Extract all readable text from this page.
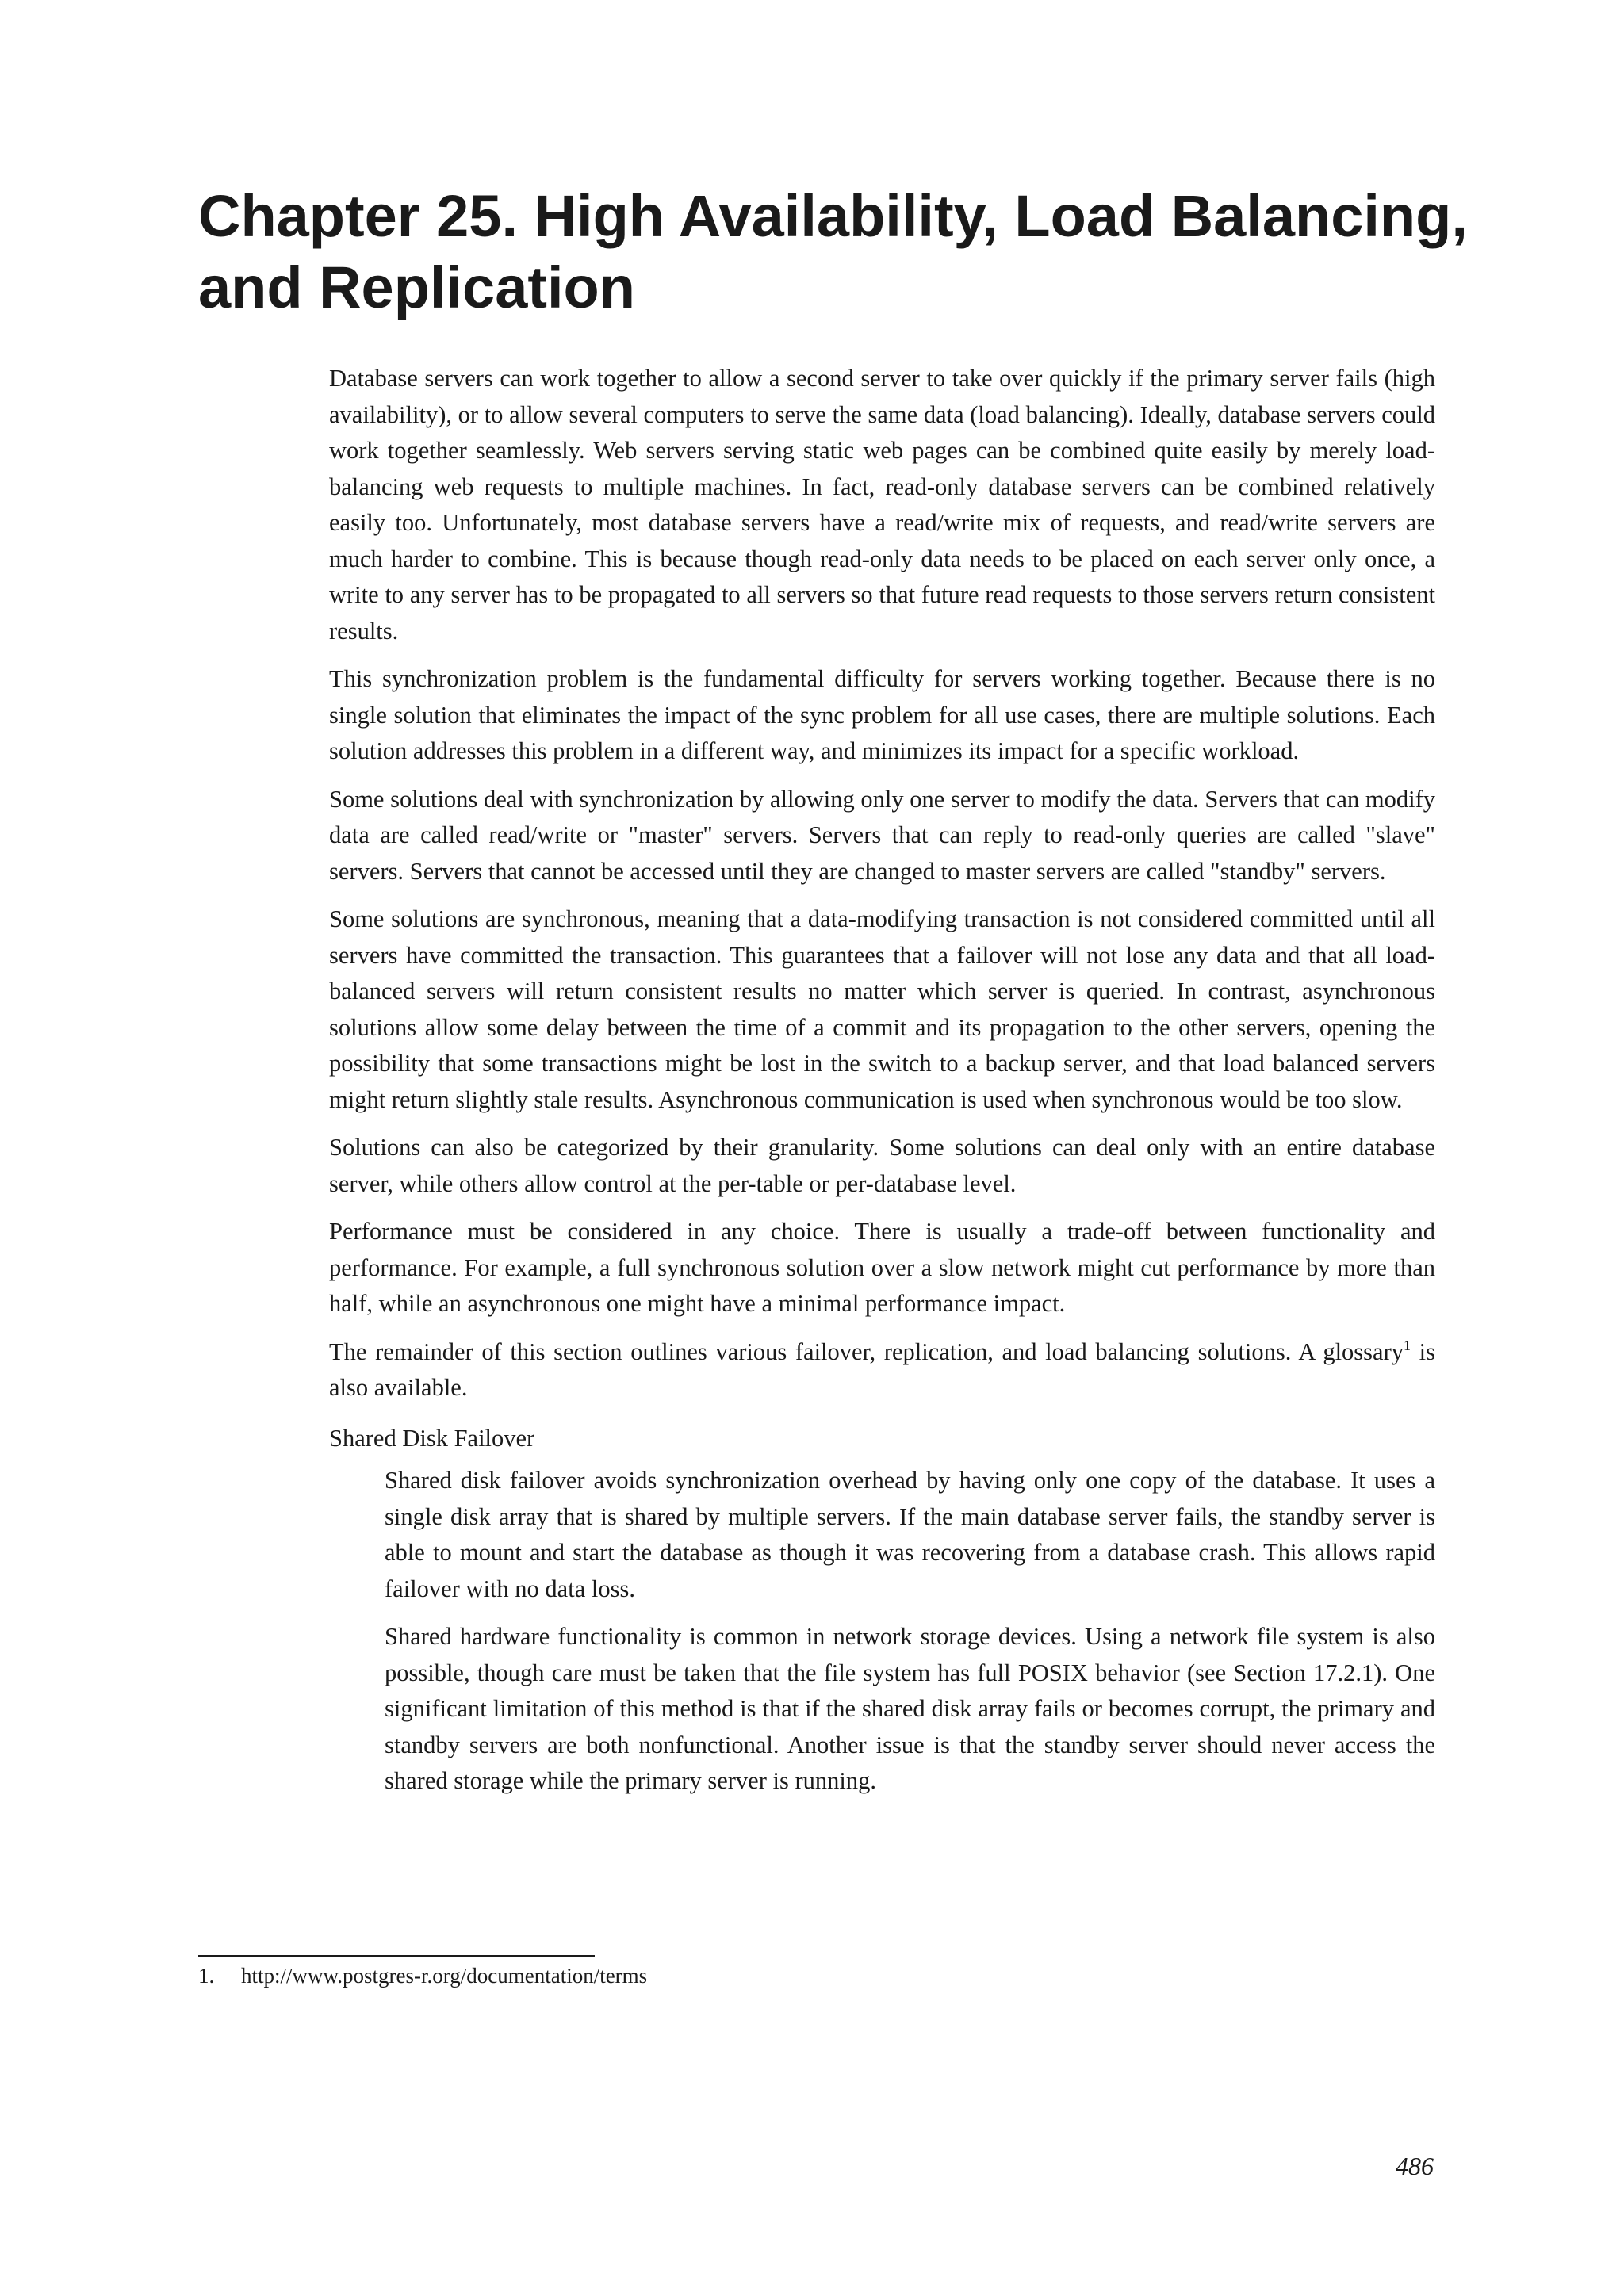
Chapter 25. High Availability, Load Balancing,
and Replication

Database servers can work together to allow a second server to take over quickly if the primary server fails (high availability), or to allow several computers to serve the same data (load balancing). Ideally, database servers could work together seamlessly. Web servers serving static web pages can be combined quite easily by merely load-balancing web requests to multiple machines. In fact, read-only database servers can be combined relatively easily too. Unfortunately, most database servers have a read/write mix of requests, and read/write servers are much harder to combine. This is because though read-only data needs to be placed on each server only once, a write to any server has to be propagated to all servers so that future read requests to those servers return consistent results.

This synchronization problem is the fundamental difficulty for servers working together. Because there is no single solution that eliminates the impact of the sync problem for all use cases, there are multiple solutions. Each solution addresses this problem in a different way, and minimizes its impact for a specific workload.

Some solutions deal with synchronization by allowing only one server to modify the data. Servers that can modify data are called read/write or "master" servers. Servers that can reply to read-only queries are called "slave" servers. Servers that cannot be accessed until they are changed to master servers are called "standby" servers.

Some solutions are synchronous, meaning that a data-modifying transaction is not considered committed until all servers have committed the transaction. This guarantees that a failover will not lose any data and that all load-balanced servers will return consistent results no matter which server is queried. In contrast, asynchronous solutions allow some delay between the time of a commit and its propagation to the other servers, opening the possibility that some transactions might be lost in the switch to a backup server, and that load balanced servers might return slightly stale results. Asynchronous communication is used when synchronous would be too slow.

Solutions can also be categorized by their granularity. Some solutions can deal only with an entire database server, while others allow control at the per-table or per-database level.

Performance must be considered in any choice. There is usually a trade-off between functionality and performance. For example, a full synchronous solution over a slow network might cut performance by more than half, while an asynchronous one might have a minimal performance impact.

The remainder of this section outlines various failover, replication, and load balancing solutions. A glossary$^1$ is also available.

Shared Disk Failover

Shared disk failover avoids synchronization overhead by having only one copy of the database. It uses a single disk array that is shared by multiple servers. If the main database server fails, the standby server is able to mount and start the database as though it was recovering from a database crash. This allows rapid failover with no data loss.

Shared hardware functionality is common in network storage devices. Using a network file system is also possible, though care must be taken that the file system has full POSIX behavior (see Section 17.2.1). One significant limitation of this method is that if the shared disk array fails or becomes corrupt, the primary and standby servers are both nonfunctional. Another issue is that the standby server should never access the shared storage while the primary server is running.

1. http://www.postgres-r.org/documentation/terms
486
